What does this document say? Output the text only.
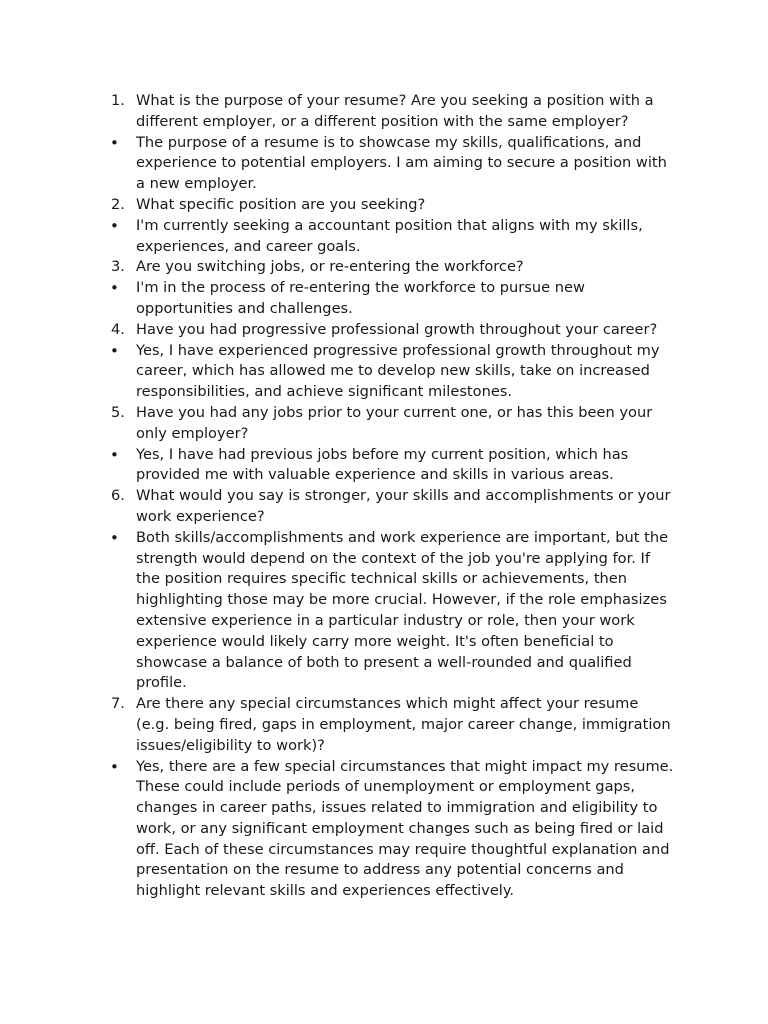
1. What is the purpose of your resume? Are you seeking a position with a different employer, or a different position with the same employer?
•	The purpose of a resume is to showcase my skills, qualifications, and experience to potential employers. I am aiming to secure a position with a new employer.
2. What specific position are you seeking?
•	I'm currently seeking a accountant position that aligns with my skills, experiences, and career goals.
3. Are you switching jobs, or re-entering the workforce?
•	I'm in the process of re-entering the workforce to pursue new opportunities and challenges.
4. Have you had progressive professional growth throughout your career?
•	Yes, I have experienced progressive professional growth throughout my career, which has allowed me to develop new skills, take on increased responsibilities, and achieve significant milestones.
5. Have you had any jobs prior to your current one, or has this been your only employer?
•	Yes, I have had previous jobs before my current position, which has provided me with valuable experience and skills in various areas.
6. What would you say is stronger, your skills and accomplishments or your work experience?
•	Both skills/accomplishments and work experience are important, but the strength would depend on the context of the job you're applying for. If the position requires specific technical skills or achievements, then highlighting those may be more crucial. However, if the role emphasizes extensive experience in a particular industry or role, then your work experience would likely carry more weight. It's often beneficial to showcase a balance of both to present a well-rounded and qualified profile.
7. Are there any special circumstances which might affect your resume (e.g. being fired, gaps in employment, major career change, immigration issues/eligibility to work)?
•	Yes, there are a few special circumstances that might impact my resume. These could include periods of unemployment or employment gaps, changes in career paths, issues related to immigration and eligibility to work, or any significant employment changes such as being fired or laid off. Each of these circumstances may require thoughtful explanation and presentation on the resume to address any potential concerns and highlight relevant skills and experiences effectively.
